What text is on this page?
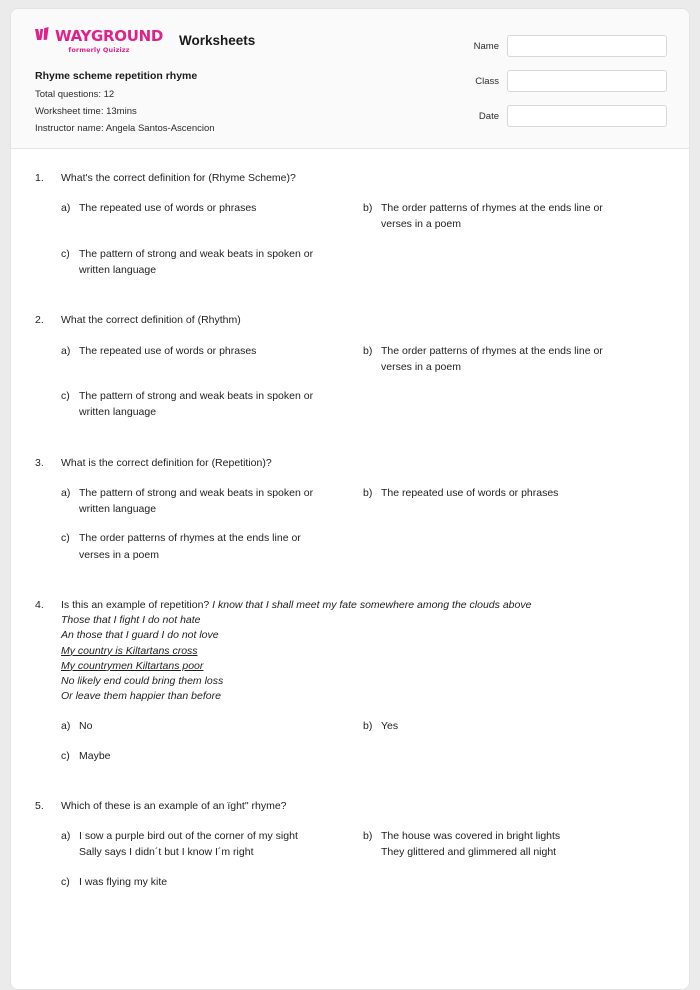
WAYGROUND
formerly Quizizz
Worksheets
Rhyme scheme repetition rhyme
Total questions: 12
Worksheet time: 13mins
Instructor name: Angela Santos-Ascencion
Name
Class
Date
1.	What's the correct definition for (Rhyme Scheme)?
a) The repeated use of words or phrases	b) The order patterns of rhymes at the ends line or
verses in a poem
c) The pattern of strong and weak beats in spoken or
written language
2.	What the correct definition of (Rhythm)
a) The repeated use of words or phrases	b) The order patterns of rhymes at the ends line or
verses in a poem
c) The pattern of strong and weak beats in spoken or
written language
3.	What is the correct definition for (Repetition)?
a) The pattern of strong and weak beats in spoken or
written language
b) The repeated use of words or phrases
c) The order patterns of rhymes at the ends line or
verses in a poem
4.	Is this an example of repetition? I know that I shall meet my fate somewhere among the clouds above
Those that I fight I do not hate
An those that I guard I do not love
My country is Kiltartans cross
My countrymen Kiltartans poor
No likely end could bring them loss
Or leave them happier than before
a) No	b) Yes
c) Maybe
5.	Which of these is an example of an ïght" rhyme?
a) I sow a purple bird out of the corner of my sight
Sally says I didn´t but I know I´m right
b) The house was covered in bright lights
They glittered and glimmered all night
c) I was flying my kite
